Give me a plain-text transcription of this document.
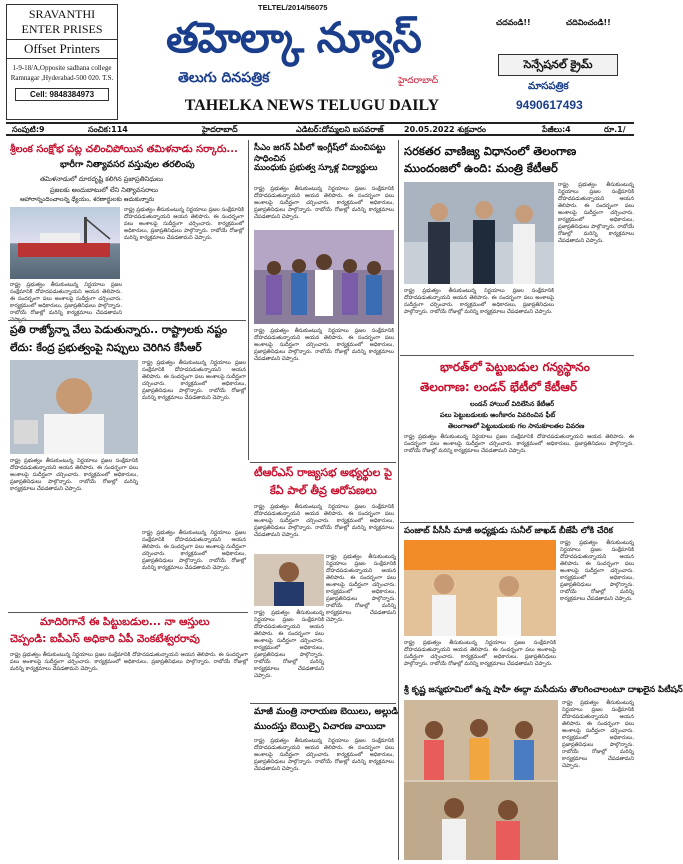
SRAVANTHI
ENTER PRISES
Offset Printers
1-9-18/A,Opposite sadhana college Ramnagar ,Hyderabad-500 020. T.S.
Cell: 9848384973
TELTEL/2014/56075
తహెల్కా న్యూస్
తెలుగు దినపత్రిక	హైదరాబాద్
TAHELKA NEWS TELUGU DAILY
చదవండి!!	చదివించండి!!
సెన్సేషనల్ క్రైమ్
మాసపత్రిక
9490617493
సంపుటి:9	సంచిక:114	హైదరాబాద్	ఎడిటర్:దోమ్మలని బసవరాజ్	20.05.2022 శుక్రవారం	పేజీలు:4	రూ.1/
శ్రీలంక సంక్షోభ పట్ల చలించిపోయిన తమిళనాడు సర్కారు...
భారీగా నిత్యావసర వస్తువుల తరలింపు
తమిళనాడులో దూరదృష్టి కలిగిన ప్రజాప్రతినిధులు
ప్రజలకు అందుబాటులో లేని నిత్యావసరాలు
ఆహారాన్నందించాలన్న ధ్యేయం, శరణార్థులకు ఆదుకున్నారు
రాష్ట్ర ప్రభుత్వం తీసుకుంటున్న నిర్ణయాలు ప్రజల సంక్షేమానికి దోహదపడుతున్నాయని ఆయన తెలిపారు. ఈ సందర్భంగా పలు అంశాలపై సుదీర్ఘంగా చర్చించారు. కార్యక్రమంలో అధికారులు, ప్రజాప్రతినిధులు పాల్గొన్నారు. రాబోయే రోజుల్లో మరిన్ని కార్యక్రమాలు చేపడతామని చెప్పారు.
రాష్ట్ర ప్రభుత్వం తీసుకుంటున్న నిర్ణయాలు ప్రజల సంక్షేమానికి దోహదపడుతున్నాయని ఆయన తెలిపారు. ఈ సందర్భంగా పలు అంశాలపై సుదీర్ఘంగా చర్చించారు. కార్యక్రమంలో అధికారులు, ప్రజాప్రతినిధులు పాల్గొన్నారు. రాబోయే రోజుల్లో మరిన్ని కార్యక్రమాలు చేపడతామని
సీఎం జగన్ ఏపీలో ఇంగ్లీష్‌లో మంచిపట్టు సాధించిన
ముంధుకు ప్రభుత్వ స్కూళ్ల విద్యార్థులు
రాష్ట్ర ప్రభుత్వం తీసుకుంటున్న నిర్ణయాలు ప్రజల సంక్షేమానికి దోహదపడుతున్నాయని ఆయన తెలిపారు. ఈ సందర్భంగా పలు అంశాలపై సుదీర్ఘంగా చర్చించారు. కార్యక్రమంలో అధికారులు, ప్రజాప్రతినిధులు పాల్గొన్నారు. రాబోయే రోజుల్లో మరిన్ని కార్యక్రమాలు చేపడతామని చెప్పారు.
రాష్ట్ర ప్రభుత్వం తీసుకుంటున్న నిర్ణయాలు ప్రజల సంక్షేమానికి దోహదపడుతున్నాయని ఆయన తెలిపారు. ఈ సందర్భంగా పలు అంశాలపై సుదీర్ఘంగా చర్చించారు. కార్యక్రమంలో అధికారులు, ప్రజాప్రతినిధులు పాల్గొన్నారు. రాబోయే రోజుల్లో మరిన్ని కార్యక్రమాలు చేపడతామని చెప్పారు.
సరకతర వాణిజ్య విధానంలో తెలంగాణ ముందంజలో ఉంది: మంత్రి కేటీఆర్
రాష్ట్ర ప్రభుత్వం తీసుకుంటున్న నిర్ణయాలు ప్రజల సంక్షేమానికి దోహదపడుతున్నాయని ఆయన తెలిపారు. ఈ సందర్భంగా పలు అంశాలపై సుదీర్ఘంగా చర్చించారు. కార్యక్రమంలో అధికారులు, ప్రజాప్రతినిధులు పాల్గొన్నారు. రాబోయే రోజుల్లో మరిన్ని కార్యక్రమాలు చేపడతామని చెప్పారు.
రాష్ట్ర ప్రభుత్వం తీసుకుంటున్న నిర్ణయాలు ప్రజల సంక్షేమానికి దోహదపడుతున్నాయని ఆయన తెలిపారు. ఈ సందర్భంగా పలు అంశాలపై సుదీర్ఘంగా చర్చించారు. కార్యక్రమంలో అధికారులు, ప్రజాప్రతినిధులు పాల్గొన్నారు. రాబోయే రోజుల్లో మరిన్ని కార్యక్రమాలు చేపడతామని చెప్పారు.
ప్రతి రాజ్యోన్నా వేలు పెడుతున్నారు.. రాష్ట్రాలకు నష్టం
లేదు: కేంద్ర ప్రభుత్వంపై నిప్పులు చెరిగిన కేసీఆర్
రాష్ట్ర ప్రభుత్వం తీసుకుంటున్న నిర్ణయాలు ప్రజల సంక్షేమానికి దోహదపడుతున్నాయని ఆయన తెలిపారు. ఈ సందర్భంగా పలు అంశాలపై సుదీర్ఘంగా చర్చించారు. కార్యక్రమంలో అధికారులు, ప్రజాప్రతినిధులు పాల్గొన్నారు. రాబోయే రోజుల్లో మరిన్ని కార్యక్రమాలు చేపడతామని చెప్పారు.
రాష్ట్ర ప్రభుత్వం తీసుకుంటున్న నిర్ణయాలు ప్రజల సంక్షేమానికి దోహదపడుతున్నాయని ఆయన తెలిపారు. ఈ సందర్భంగా పలు అంశాలపై సుదీర్ఘంగా చర్చించారు. కార్యక్రమంలో అధికారులు, ప్రజాప్రతినిధులు పాల్గొన్నారు. రాబోయే రోజుల్లో మరిన్ని కార్యక్రమాలు చేపడతామని చెప్పారు.
రాష్ట్ర ప్రభుత్వం తీసుకుంటున్న నిర్ణయాలు ప్రజల సంక్షేమానికి దోహదపడుతున్నాయని ఆయన తెలిపారు. ఈ సందర్భంగా పలు అంశాలపై సుదీర్ఘంగా చర్చించారు. కార్యక్రమంలో అధికారులు, ప్రజాప్రతినిధులు పాల్గొన్నారు. రాబోయే రోజుల్లో మరిన్ని కార్యక్రమాలు చేపడతామని చెప్పారు.
భారత్‌లో పెట్టుబడుల గన్యస్థానం
తెలంగాణ: లండన్ భేటీలో కేటీఆర్
లండన్ హాయిల్ విదిలేసిన కేటీఆర్
పలు పెట్టుబడులకు అంగీకారం వివరించిన ఫీట్
తెలంగాణలో పెట్టుబడులకు గల సానుకూలతల వివరణ
రాష్ట్ర ప్రభుత్వం తీసుకుంటున్న నిర్ణయాలు ప్రజల సంక్షేమానికి దోహదపడుతున్నాయని ఆయన తెలిపారు. ఈ సందర్భంగా పలు అంశాలపై సుదీర్ఘంగా చర్చించారు. కార్యక్రమంలో అధికారులు, ప్రజాప్రతినిధులు పాల్గొన్నారు. రాబోయే రోజుల్లో మరిన్ని కార్యక్రమాలు చేపడతామని చెప్పారు.
టీఆర్ఎస్ రాజ్యసభ అభ్యర్థుల పై
కేఏ పాల్ తీవ్ర ఆరోపణలు
రాష్ట్ర ప్రభుత్వం తీసుకుంటున్న నిర్ణయాలు ప్రజల సంక్షేమానికి దోహదపడుతున్నాయని ఆయన తెలిపారు. ఈ సందర్భంగా పలు అంశాలపై సుదీర్ఘంగా చర్చించారు. కార్యక్రమంలో అధికారులు, ప్రజాప్రతినిధులు పాల్గొన్నారు. రాబోయే రోజుల్లో మరిన్ని కార్యక్రమాలు చేపడతామని చెప్పారు.
రాష్ట్ర ప్రభుత్వం తీసుకుంటున్న నిర్ణయాలు ప్రజల సంక్షేమానికి దోహదపడుతున్నాయని ఆయన తెలిపారు. ఈ సందర్భంగా పలు అంశాలపై సుదీర్ఘంగా చర్చించారు. కార్యక్రమంలో అధికారులు, ప్రజాప్రతినిధులు పాల్గొన్నారు. రాబోయే రోజుల్లో మరిన్ని కార్యక్రమాలు చేపడతామని చెప్పారు.
రాష్ట్ర ప్రభుత్వం తీసుకుంటున్న నిర్ణయాలు ప్రజల సంక్షేమానికి దోహదపడుతున్నాయని ఆయన తెలిపారు. ఈ సందర్భంగా పలు అంశాలపై సుదీర్ఘంగా చర్చించారు. కార్యక్రమంలో అధికారులు, ప్రజాప్రతినిధులు పాల్గొన్నారు. రాబోయే రోజుల్లో మరిన్ని కార్యక్రమాలు చేపడతామని చెప్పారు.
పంజాబ్ పీసీసీ మాజీ అధ్యక్షుడు సునీల్ జాఖడ్ బీజేపీ లోకి చేరిక
రాష్ట్ర ప్రభుత్వం తీసుకుంటున్న నిర్ణయాలు ప్రజల సంక్షేమానికి దోహదపడుతున్నాయని ఆయన తెలిపారు. ఈ సందర్భంగా పలు అంశాలపై సుదీర్ఘంగా చర్చించారు. కార్యక్రమంలో అధికారులు, ప్రజాప్రతినిధులు పాల్గొన్నారు. రాబోయే రోజుల్లో మరిన్ని కార్యక్రమాలు చేపడతామని చెప్పారు.
రాష్ట్ర ప్రభుత్వం తీసుకుంటున్న నిర్ణయాలు ప్రజల సంక్షేమానికి దోహదపడుతున్నాయని ఆయన తెలిపారు. ఈ సందర్భంగా పలు అంశాలపై సుదీర్ఘంగా చర్చించారు. కార్యక్రమంలో అధికారులు, ప్రజాప్రతినిధులు పాల్గొన్నారు. రాబోయే రోజుల్లో మరిన్ని కార్యక్రమాలు చేపడతామని చెప్పారు.
మాదిరిగానే ఈ పిట్టుబడుల... నా ఆస్తులు
చెప్పండి: ఐపీఎస్ అధికారి ఏపీ వెంకటేశ్వరరావు
రాష్ట్ర ప్రభుత్వం తీసుకుంటున్న నిర్ణయాలు ప్రజల సంక్షేమానికి దోహదపడుతున్నాయని ఆయన తెలిపారు. ఈ సందర్భంగా పలు అంశాలపై సుదీర్ఘంగా చర్చించారు. కార్యక్రమంలో అధికారులు, ప్రజాప్రతినిధులు పాల్గొన్నారు. రాబోయే రోజుల్లో మరిన్ని కార్యక్రమాలు చేపడతామని చెప్పారు.
మాజీ మంత్రి నారాయణ బెయిలు, అల్లుడి
ముందస్తు బెయిల్పై విచారణ వాయిదా
రాష్ట్ర ప్రభుత్వం తీసుకుంటున్న నిర్ణయాలు ప్రజల సంక్షేమానికి దోహదపడుతున్నాయని ఆయన తెలిపారు. ఈ సందర్భంగా పలు అంశాలపై సుదీర్ఘంగా చర్చించారు. కార్యక్రమంలో అధికారులు, ప్రజాప్రతినిధులు పాల్గొన్నారు. రాబోయే రోజుల్లో మరిన్ని కార్యక్రమాలు చేపడతామని చెప్పారు.
శ్రీ కృష్ణ జన్మభూమిలో ఉన్న షాహీ ఈద్గా మసీదును తొలగించాలంటూ దాఖలైన పిటీషన్
రాష్ట్ర ప్రభుత్వం తీసుకుంటున్న నిర్ణయాలు ప్రజల సంక్షేమానికి దోహదపడుతున్నాయని ఆయన తెలిపారు. ఈ సందర్భంగా పలు అంశాలపై సుదీర్ఘంగా చర్చించారు. కార్యక్రమంలో అధికారులు, ప్రజాప్రతినిధులు పాల్గొన్నారు. రాబోయే రోజుల్లో మరిన్ని కార్యక్రమాలు చేపడతామని చెప్పారు.
